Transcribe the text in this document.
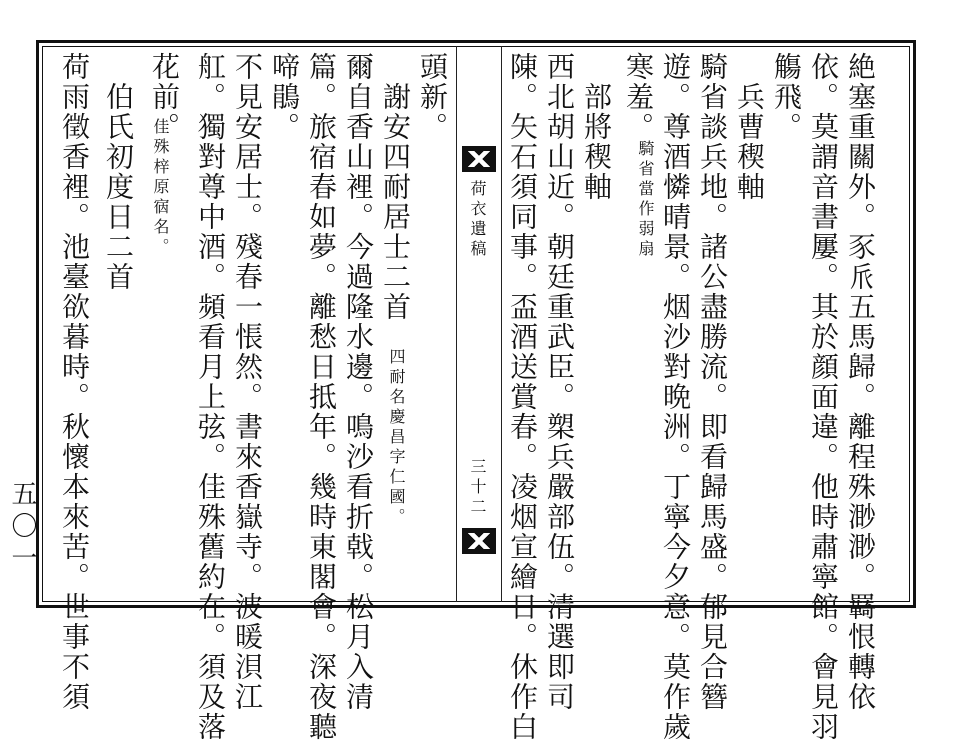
荷衣遺稿
三十二	絶塞重關外。豕𠂢五馬歸。離程殊渺渺。羇恨轉依
依。莫謂音書屢。其於顔面違。他時肅寧館。會見羽
觴飛。
　兵曹稧軸
騎省談兵地。諸公盡勝流。即看歸馬盛。郁見合簪
遊。尊酒憐晴景。烟沙對晩洲。丁寧今夕意。莫作歲
寒羞。
騎省當作弱扇
　部將稧軸
西北胡山近。朝廷重武臣。槊兵嚴部伍。清選即司
陳。矢石須同事。盃酒送賞春。凌烟宣繪日。休作白
頭新。
　謝安四耐居士二首
四耐名慶昌字仁國。
爾自香山裡。今過隆水邊。鳴沙看折戟。松月入清
篇。旅宿春如夢。離愁日抵年。幾時東閣會。深夜聽
啼鵑。
不見安居士。殘春一悵然。書來香嶽寺。波暖浿江
舡。獨對尊中酒。頻看月上弦。佳殊舊約在。須及落
花前。
佳殊梓原㝛名。
　伯氏初度日二首
荷雨徵香裡。池臺欲暮時。秋懷本來苦。世事不須
五〇一
